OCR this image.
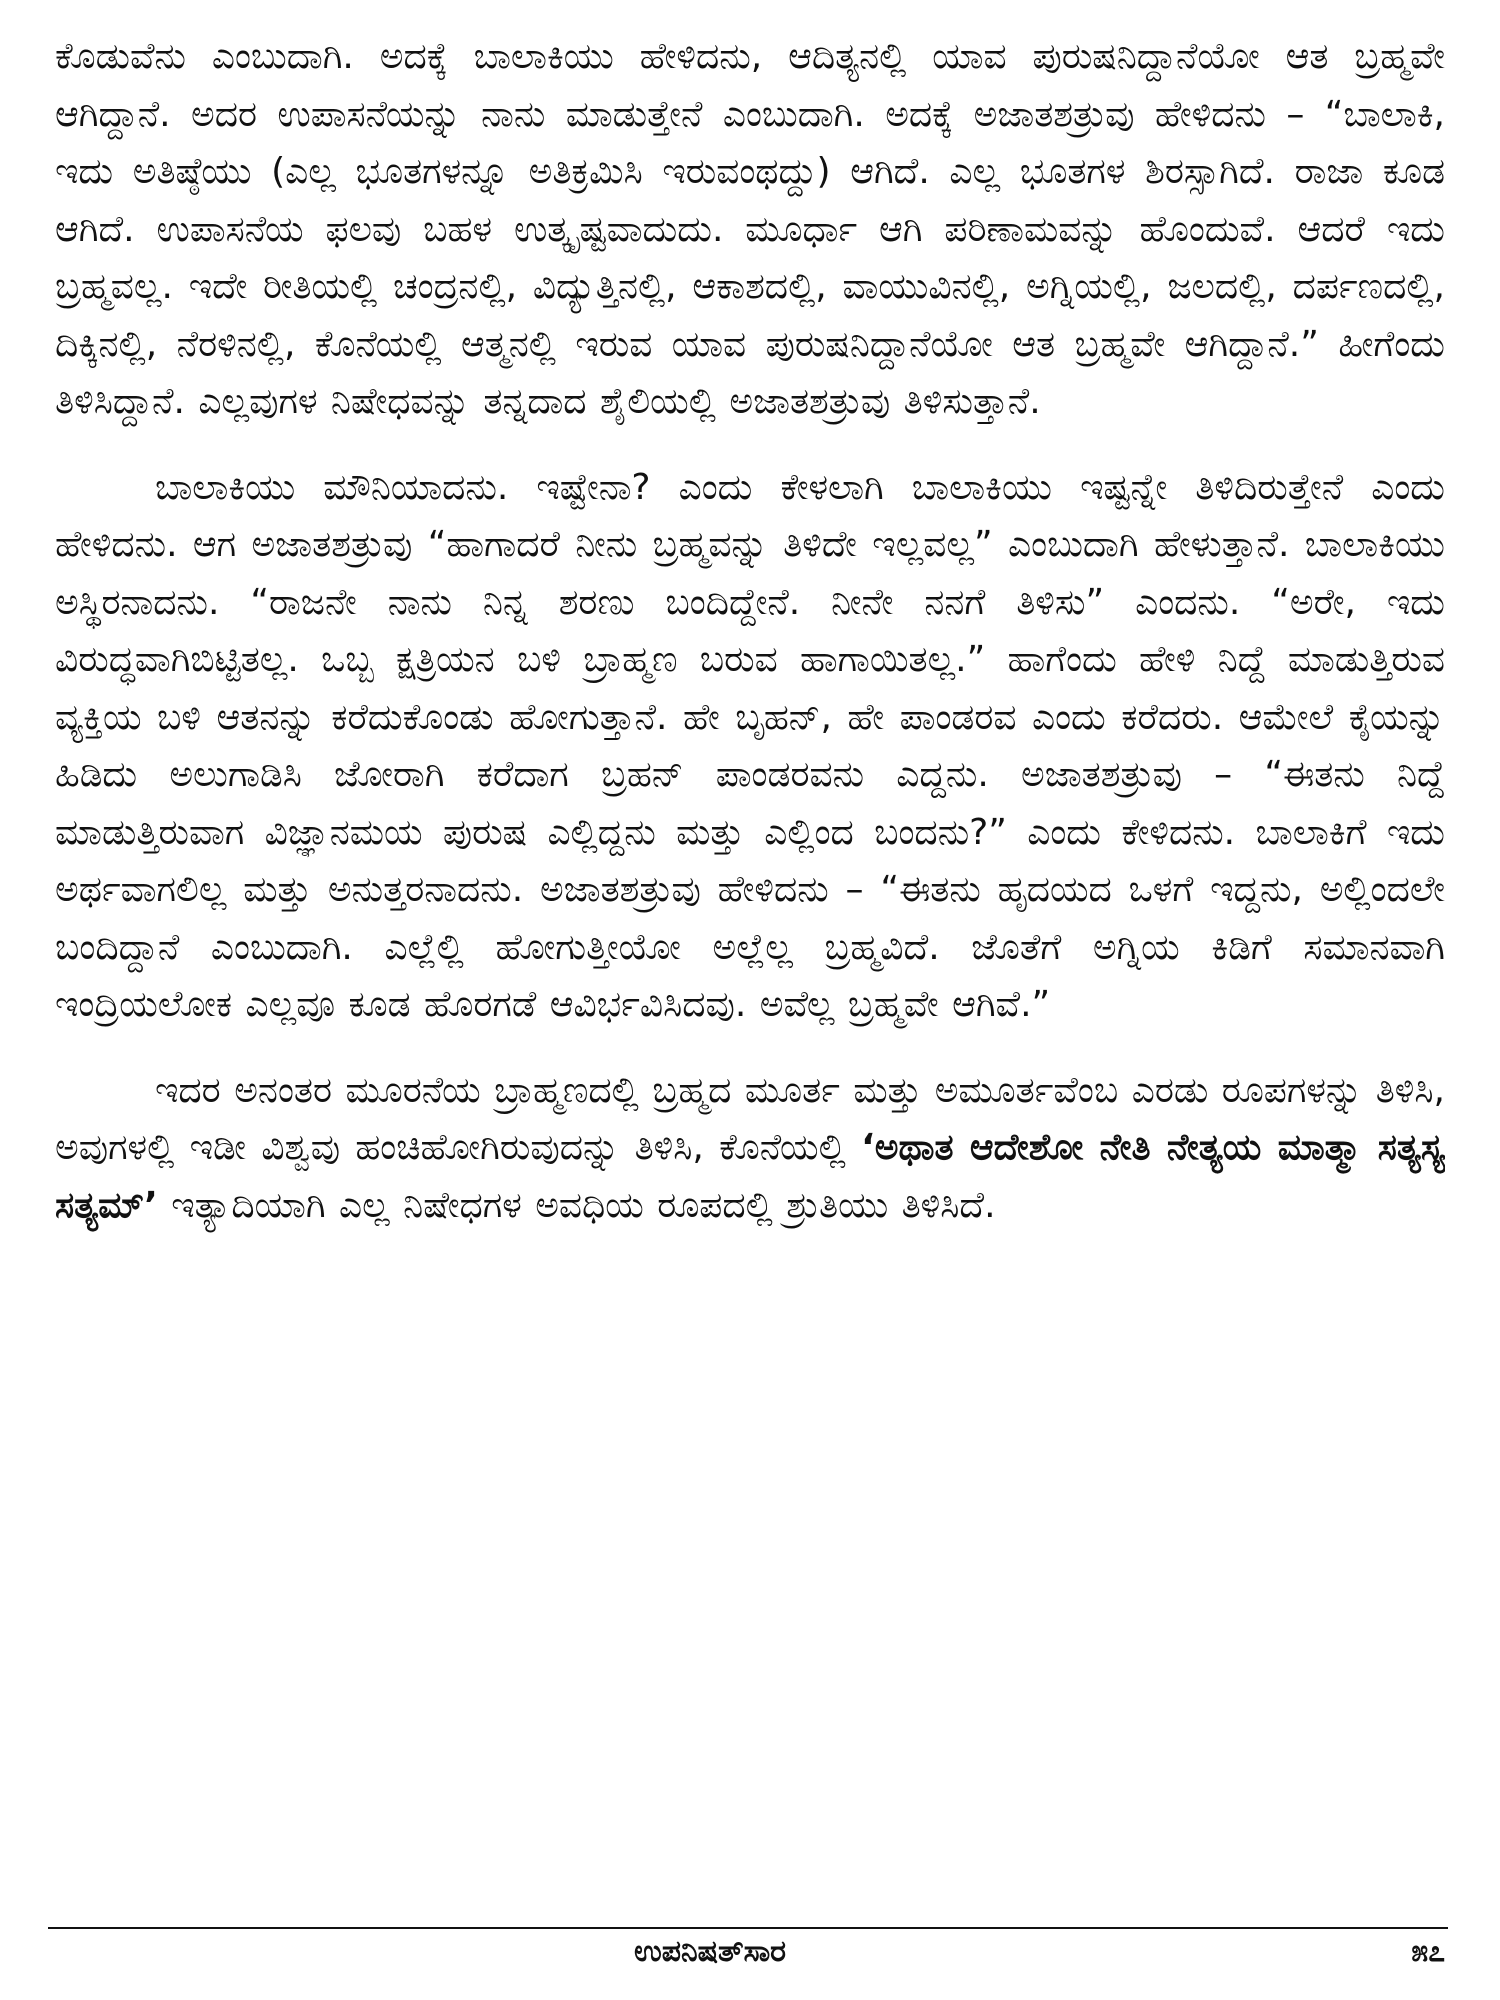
ಕೊಡುವೆನು ಎಂಬುದಾಗಿ. ಅದಕ್ಕೆ ಬಾಲಾಕಿಯು ಹೇಳಿದನು, ಆದಿತ್ಯನಲ್ಲಿ ಯಾವ ಪುರುಷನಿದ್ದಾನೆಯೋ ಆತ ಬ್ರಹ್ಮವೇ ಆಗಿದ್ದಾನೆ. ಅದರ ಉಪಾಸನೆಯನ್ನು ನಾನು ಮಾಡುತ್ತೇನೆ ಎಂಬುದಾಗಿ. ಅದಕ್ಕೆ ಅಜಾತಶತ್ರುವು ಹೇಳಿದನು – “ಬಾಲಾಕಿ, ಇದು ಅತಿಷ್ಠೆಯು (ಎಲ್ಲ ಭೂತಗಳನ್ನೂ ಅತಿಕ್ರಮಿಸಿ ಇರುವಂಥದ್ದು) ಆಗಿದೆ. ಎಲ್ಲ ಭೂತಗಳ ಶಿರಸ್ಸಾಗಿದೆ. ರಾಜಾ ಕೂಡ ಆಗಿದೆ. ಉಪಾಸನೆಯ ಫಲವು ಬಹಳ ಉತ್ಕೃಷ್ಟವಾದುದು. ಮೂರ್ಧಾ ಆಗಿ ಪರಿಣಾಮವನ್ನು ಹೊಂದುವೆ. ಆದರೆ ಇದು ಬ್ರಹ್ಮವಲ್ಲ. ಇದೇ ರೀತಿಯಲ್ಲಿ ಚಂದ್ರನಲ್ಲಿ, ವಿದ್ಯುತ್ತಿನಲ್ಲಿ, ಆಕಾಶದಲ್ಲಿ, ವಾಯುವಿನಲ್ಲಿ, ಅಗ್ನಿಯಲ್ಲಿ, ಜಲದಲ್ಲಿ, ದರ್ಪಣದಲ್ಲಿ, ದಿಕ್ಕಿನಲ್ಲಿ, ನೆರಳಿನಲ್ಲಿ, ಕೊನೆಯಲ್ಲಿ ಆತ್ಮನಲ್ಲಿ ಇರುವ ಯಾವ ಪುರುಷನಿದ್ದಾನೆಯೋ ಆತ ಬ್ರಹ್ಮವೇ ಆಗಿದ್ದಾನೆ.” ಹೀಗೆಂದು ತಿಳಿಸಿದ್ದಾನೆ. ಎಲ್ಲವುಗಳ ನಿಷೇಧವನ್ನು ತನ್ನದಾದ ಶೈಲಿಯಲ್ಲಿ ಅಜಾತಶತ್ರುವು ತಿಳಿಸುತ್ತಾನೆ.

ಬಾಲಾಕಿಯು ಮೌನಿಯಾದನು. ಇಷ್ಟೇನಾ? ಎಂದು ಕೇಳಲಾಗಿ ಬಾಲಾಕಿಯು ಇಷ್ಟನ್ನೇ ತಿಳಿದಿರುತ್ತೇನೆ ಎಂದು ಹೇಳಿದನು. ಆಗ ಅಜಾತಶತ್ರುವು “ಹಾಗಾದರೆ ನೀನು ಬ್ರಹ್ಮವನ್ನು ತಿಳಿದೇ ಇಲ್ಲವಲ್ಲ” ಎಂಬುದಾಗಿ ಹೇಳುತ್ತಾನೆ. ಬಾಲಾಕಿಯು ಅಸ್ಥಿರನಾದನು. “ರಾಜನೇ ನಾನು ನಿನ್ನ ಶರಣು ಬಂದಿದ್ದೇನೆ. ನೀನೇ ನನಗೆ ತಿಳಿಸು” ಎಂದನು. “ಅರೇ, ಇದು ವಿರುದ್ಧವಾಗಿಬಿಟ್ಟಿತಲ್ಲ. ಒಬ್ಬ ಕ್ಷತ್ರಿಯನ ಬಳಿ ಬ್ರಾಹ್ಮಣ ಬರುವ ಹಾಗಾಯಿತಲ್ಲ.” ಹಾಗೆಂದು ಹೇಳಿ ನಿದ್ದೆ ಮಾಡುತ್ತಿರುವ ವ್ಯಕ್ತಿಯ ಬಳಿ ಆತನನ್ನು ಕರೆದುಕೊಂಡು ಹೋಗುತ್ತಾನೆ. ಹೇ ಬೃಹನ್, ಹೇ ಪಾಂಡರವ ಎಂದು ಕರೆದರು. ಆಮೇಲೆ ಕೈಯನ್ನು ಹಿಡಿದು ಅಲುಗಾಡಿಸಿ ಜೋರಾಗಿ ಕರೆದಾಗ ಬ್ರಹನ್ ಪಾಂಡರವನು ಎದ್ದನು. ಅಜಾತಶತ್ರುವು – “ಈತನು ನಿದ್ದೆ ಮಾಡುತ್ತಿರುವಾಗ ವಿಜ್ಞಾನಮಯ ಪುರುಷ ಎಲ್ಲಿದ್ದನು ಮತ್ತು ಎಲ್ಲಿಂದ ಬಂದನು?” ಎಂದು ಕೇಳಿದನು. ಬಾಲಾಕಿಗೆ ಇದು ಅರ್ಥವಾಗಲಿಲ್ಲ ಮತ್ತು ಅನುತ್ತರನಾದನು. ಅಜಾತಶತ್ರುವು ಹೇಳಿದನು – “ಈತನು ಹೃದಯದ ಒಳಗೆ ಇದ್ದನು, ಅಲ್ಲಿಂದಲೇ ಬಂದಿದ್ದಾನೆ ಎಂಬುದಾಗಿ. ಎಲ್ಲೆಲ್ಲಿ ಹೋಗುತ್ತೀಯೋ ಅಲ್ಲೆಲ್ಲ ಬ್ರಹ್ಮವಿದೆ. ಜೊತೆಗೆ ಅಗ್ನಿಯ ಕಿಡಿಗೆ ಸಮಾನವಾಗಿ ಇಂದ್ರಿಯಲೋಕ ಎಲ್ಲವೂ ಕೂಡ ಹೊರಗಡೆ ಆವಿರ್ಭವಿಸಿದವು. ಅವೆಲ್ಲ ಬ್ರಹ್ಮವೇ ಆಗಿವೆ.”

ಇದರ ಅನಂತರ ಮೂರನೆಯ ಬ್ರಾಹ್ಮಣದಲ್ಲಿ ಬ್ರಹ್ಮದ ಮೂರ್ತ ಮತ್ತು ಅಮೂರ್ತವೆಂಬ ಎರಡು ರೂಪಗಳನ್ನು ತಿಳಿಸಿ, ಅವುಗಳಲ್ಲಿ ಇಡೀ ವಿಶ್ವವು ಹಂಚಿಹೋಗಿರುವುದನ್ನು ತಿಳಿಸಿ, ಕೊನೆಯಲ್ಲಿ ‘ಅಥಾತ ಆದೇಶೋ ನೇತಿ ನೇತ್ಯಯ ಮಾತ್ಮಾ ಸತ್ಯಸ್ಯ ಸತ್ಯಮ್’ ಇತ್ಯಾದಿಯಾಗಿ ಎಲ್ಲ ನಿಷೇಧಗಳ ಅವಧಿಯ ರೂಪದಲ್ಲಿ ಶ್ರುತಿಯು ತಿಳಿಸಿದೆ.

ಉಪನಿಷತ್‌ಸಾರ	೫೭
